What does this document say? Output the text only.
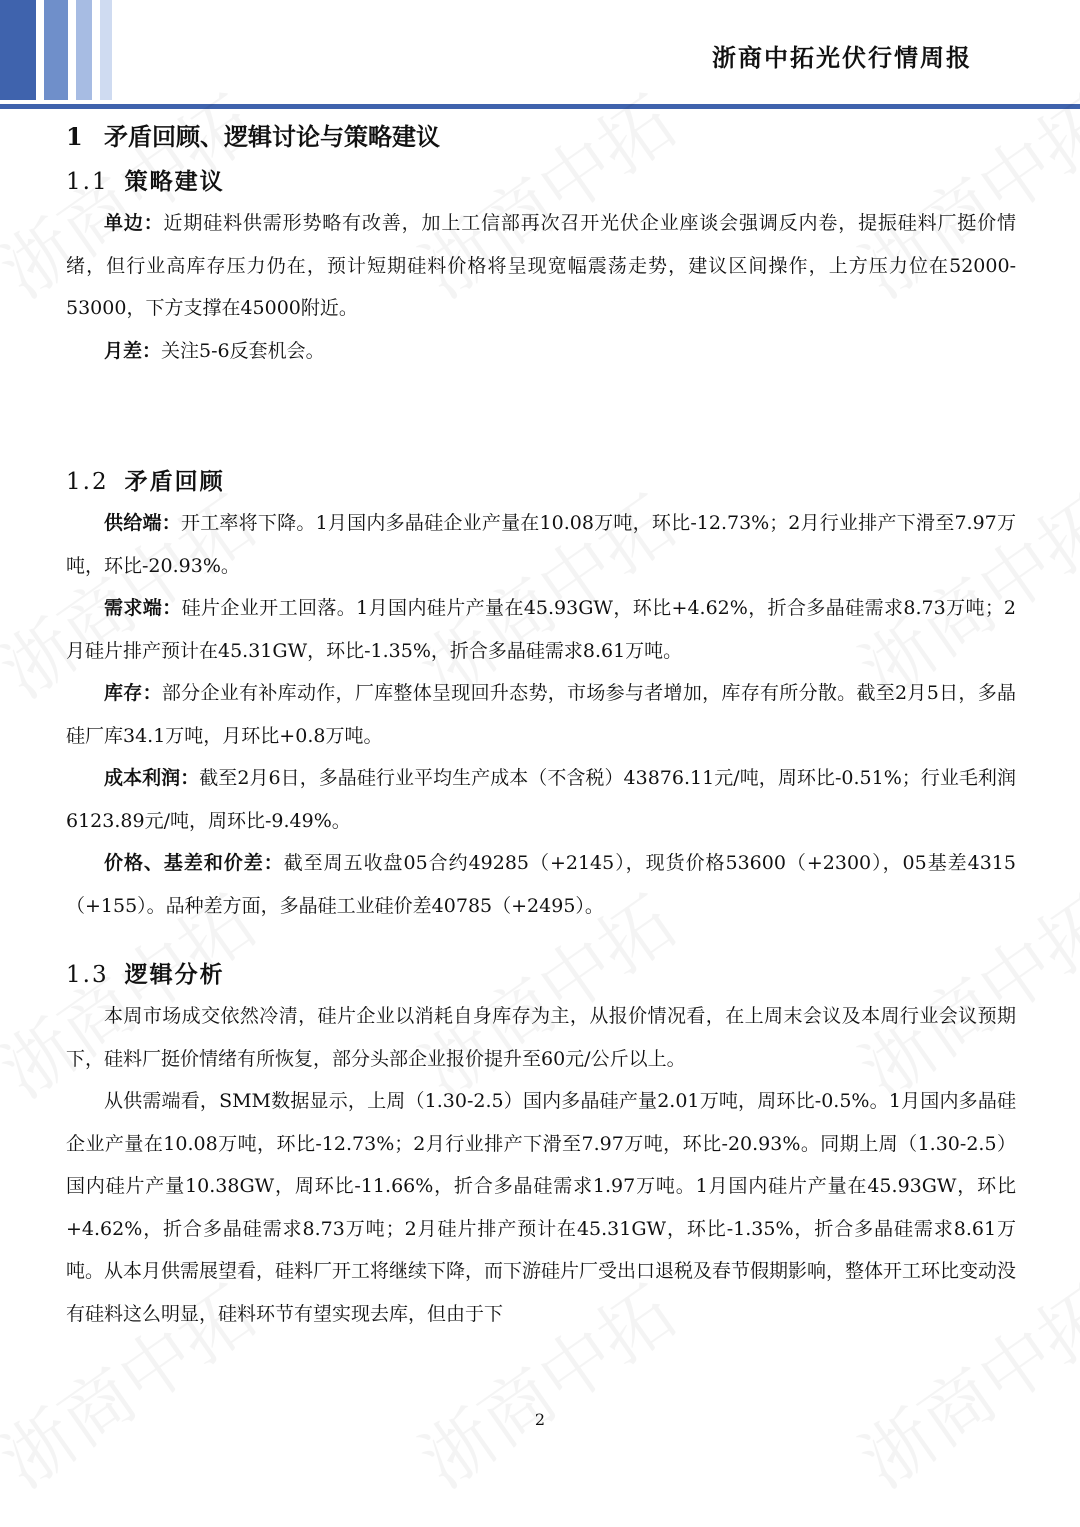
浙商中拓光伏行情周报
1 矛盾回顾、逻辑讨论与策略建议
1.1 策略建议

单边：近期硅料供需形势略有改善，加上工信部再次召开光伏企业座谈会强调反内卷，提振硅料厂挺价情绪，但行业高库存压力仍在，预计短期硅料价格将呈现宽幅震荡走势，建议区间操作，上方压力位在52000-53000，下方支撑在45000附近。

月差：关注5-6反套机会。

1.2 矛盾回顾

供给端：开工率将下降。1月国内多晶硅企业产量在10.08万吨，环比-12.73%；2月行业排产下滑至7.97万吨，环比-20.93%。

需求端：硅片企业开工回落。1月国内硅片产量在45.93GW，环比+4.62%，折合多晶硅需求8.73万吨；2月硅片排产预计在45.31GW，环比-1.35%，折合多晶硅需求8.61万吨。

库存：部分企业有补库动作，厂库整体呈现回升态势，市场参与者增加，库存有所分散。截至2月5日，多晶硅厂库34.1万吨，月环比+0.8万吨。

成本利润：截至2月6日，多晶硅行业平均生产成本（不含税）43876.11元/吨，周环比-0.51%；行业毛利润6123.89元/吨，周环比-9.49%。

价格、基差和价差：截至周五收盘05合约49285（+2145），现货价格53600（+2300），05基差4315（+155）。品种差方面，多晶硅工业硅价差40785（+2495）。

1.3 逻辑分析

本周市场成交依然冷清，硅片企业以消耗自身库存为主，从报价情况看，在上周末会议及本周行业会议预期下，硅料厂挺价情绪有所恢复，部分头部企业报价提升至60元/公斤以上。

从供需端看，SMM数据显示，上周（1.30-2.5）国内多晶硅产量2.01万吨，周环比-0.5%。1月国内多晶硅企业产量在10.08万吨，环比-12.73%；2月行业排产下滑至7.97万吨，环比-20.93%。同期上周（1.30-2.5）国内硅片产量10.38GW，周环比-11.66%，折合多晶硅需求1.97万吨。1月国内硅片产量在45.93GW，环比+4.62%，折合多晶硅需求8.73万吨；2月硅片排产预计在45.31GW，环比-1.35%，折合多晶硅需求8.61万吨。从本月供需展望看，硅料厂开工将继续下降，而下游硅片厂受出口退税及春节假期影响，整体开工环比变动没有硅料这么明显，硅料环节有望实现去库，但由于下

2
